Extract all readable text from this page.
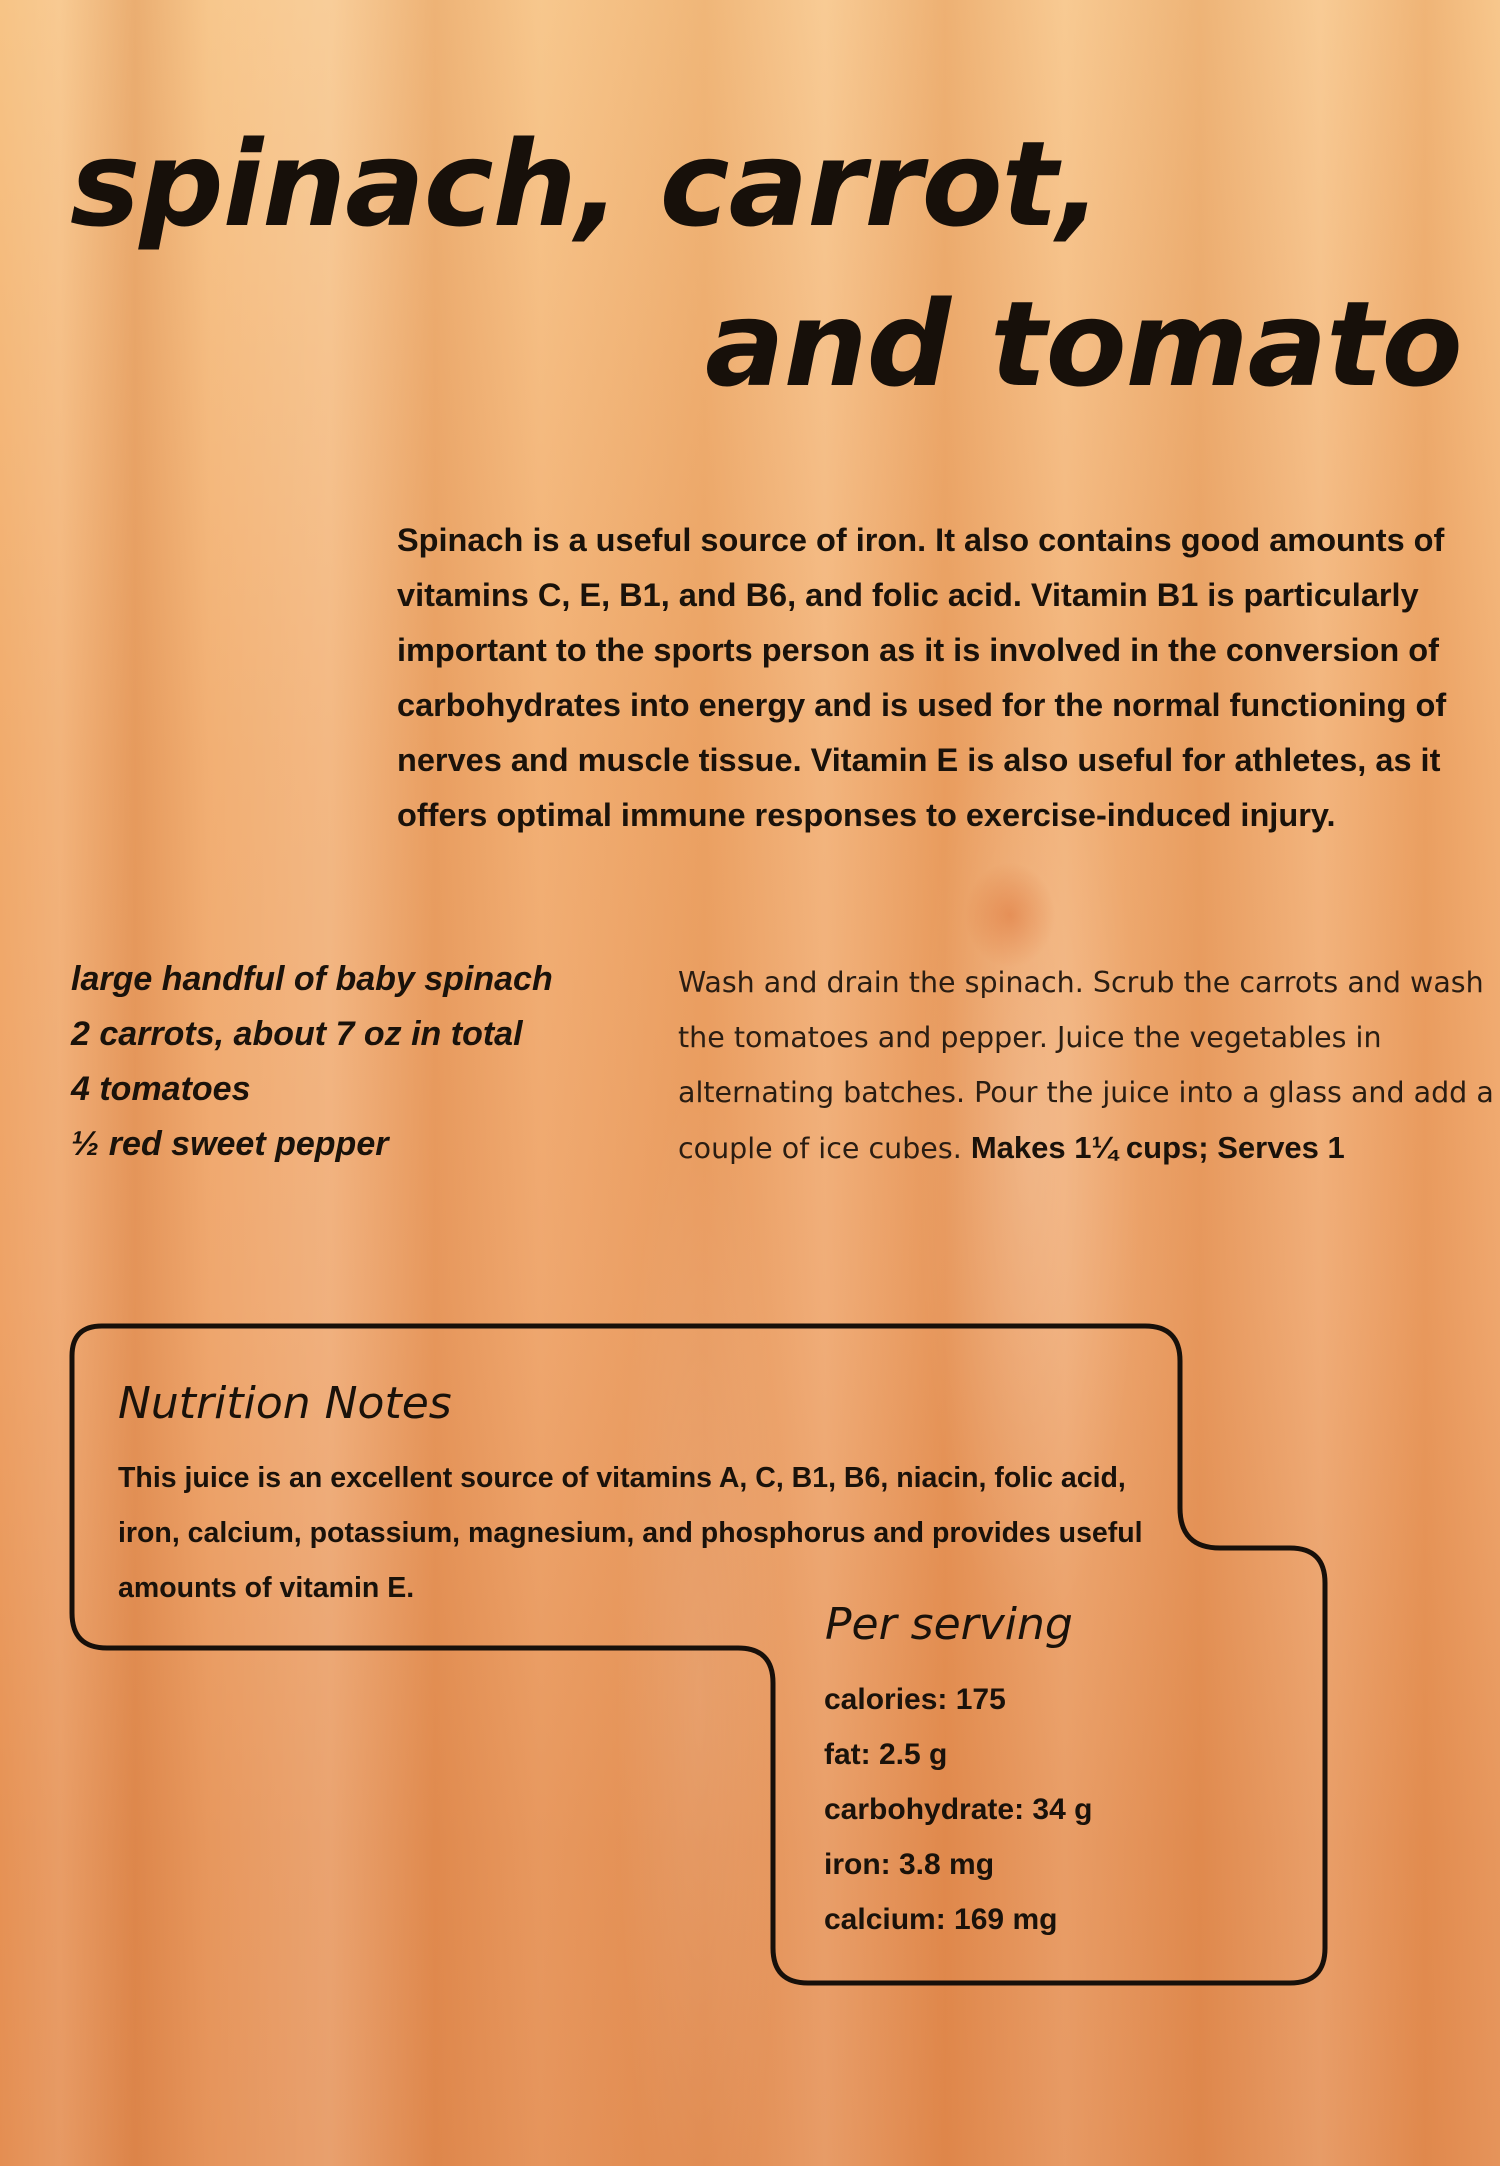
spinach, carrot,
and tomato

Spinach is a useful source of iron. It also contains good amounts of vitamins C, E, B1, and B6, and folic acid. Vitamin B1 is particularly important to the sports person as it is involved in the conversion of carbohydrates into energy and is used for the normal functioning of nerves and muscle tissue. Vitamin E is also useful for athletes, as it offers optimal immune responses to exercise-induced injury.

large handful of baby spinach
2 carrots, about 7 oz in total
4 tomatoes
½ red sweet pepper

Wash and drain the spinach. Scrub the carrots and wash the tomatoes and pepper. Juice the vegetables in alternating batches. Pour the juice into a glass and add a couple of ice cubes. Makes 1¼ cups; Serves 1

Nutrition Notes

This juice is an excellent source of vitamins A, C, B1, B6, niacin, folic acid, iron, calcium, potassium, magnesium, and phosphorus and provides useful amounts of vitamin E.

Per serving
calories: 175
fat: 2.5 g
carbohydrate: 34 g
iron: 3.8 mg
calcium: 169 mg
